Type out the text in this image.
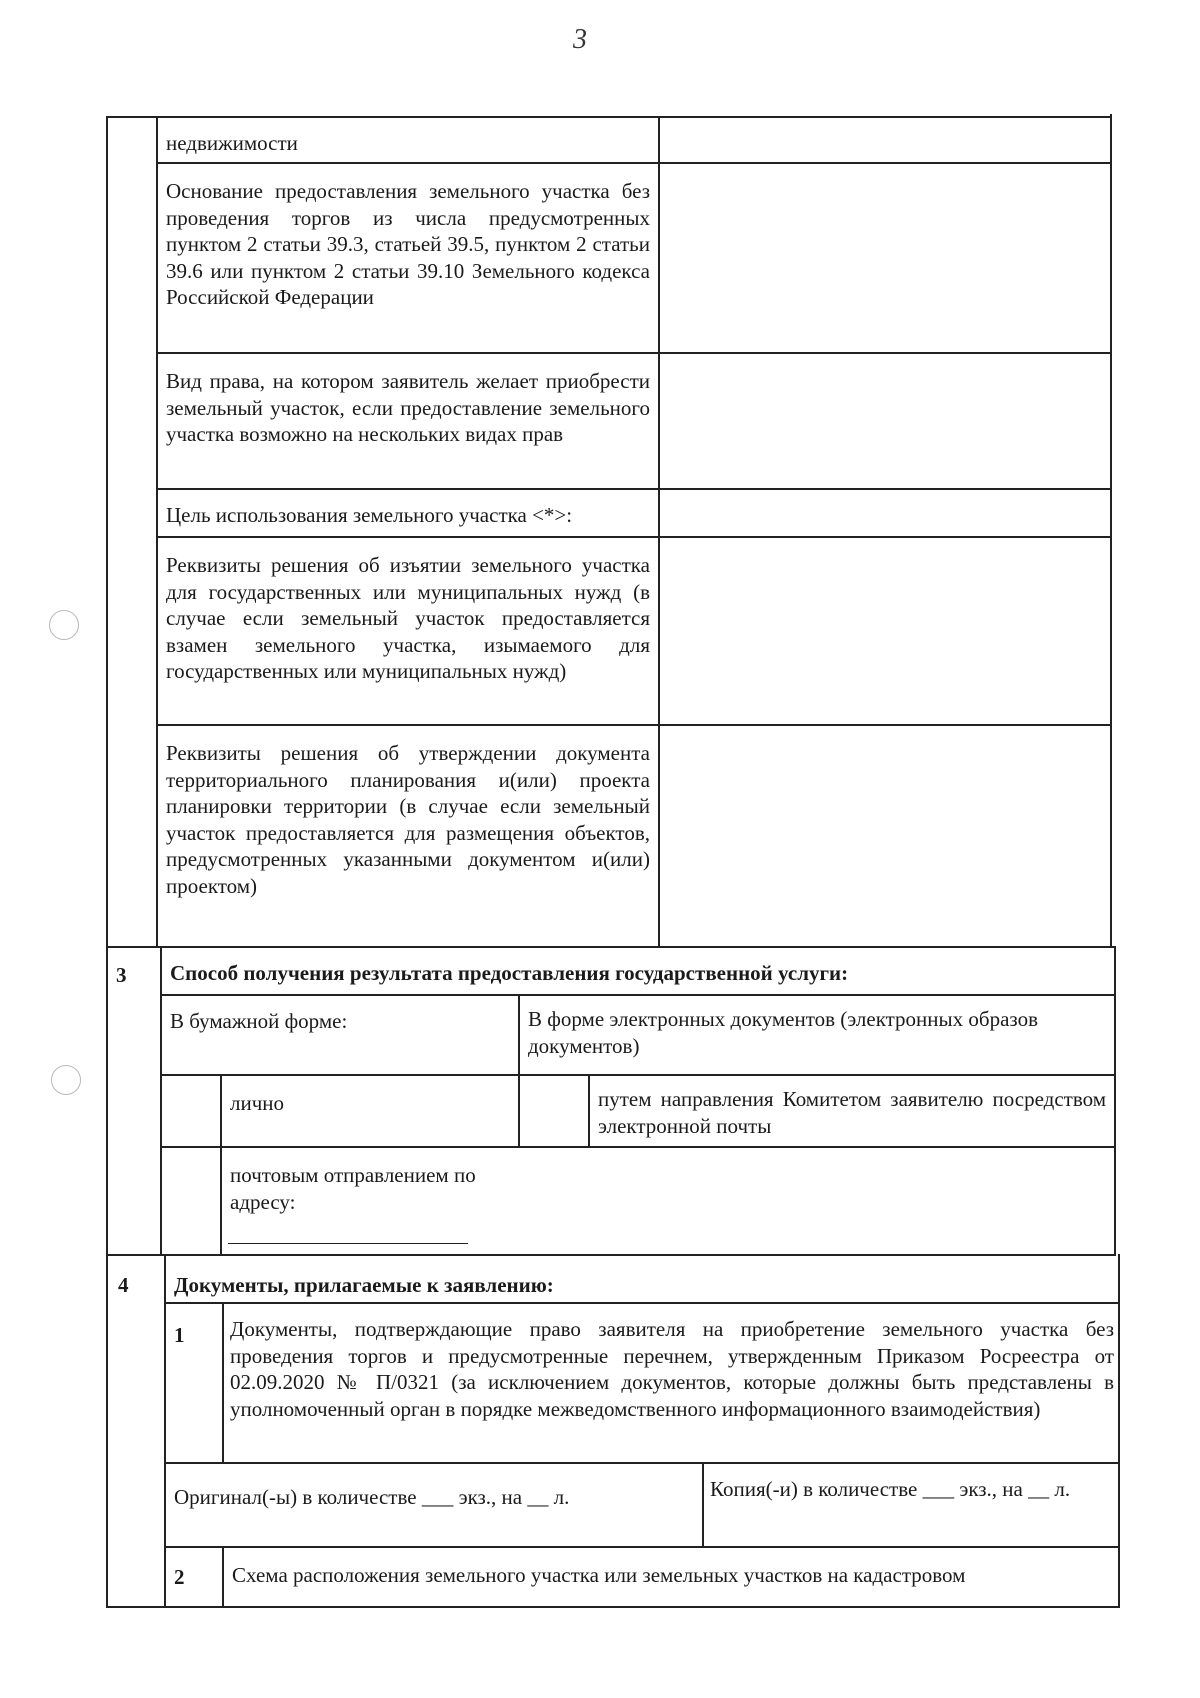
3
недвижимости
Основание предоставления земельного участка без проведения торгов из числа предусмотренных пунктом 2 статьи 39.3, статьей 39.5, пунктом 2 статьи 39.6 или пунктом 2 статьи 39.10 Земельного кодекса Российской Федерации
Вид права, на котором заявитель желает приобрести земельный участок, если предоставление земельного участка возможно на нескольких видах прав
Цель использования земельного участка <*>:
Реквизиты решения об изъятии земельного участка для государственных или муниципальных нужд (в случае если земельный участок предоставляется взамен земельного участка, изымаемого для государственных или муниципальных нужд)
Реквизиты решения об утверждении документа территориального планирования и(или) проекта планировки территории (в случае если земельный участок предоставляется для размещения объектов, предусмотренных указанными документом и(или) проектом)
3	Способ получения результата предоставления государственной услуги:
В бумажной форме:	В форме электронных документов (электронных образов документов)
лично	путем направления Комитетом заявителю посредством электронной почты
почтовым отправлением по адресу:
4	Документы, прилагаемые к заявлению:
1	Документы, подтверждающие право заявителя на приобретение земельного участка без проведения торгов и предусмотренные перечнем, утвержденным Приказом Росреестра от 02.09.2020 № П/0321 (за исключением документов, которые должны быть представлены в уполномоченный орган в порядке межведомственного информационного взаимодействия)
Оригинал(-ы) в количестве ___ экз., на __ л.	Копия(-и) в количестве ___ экз., на __ л.
2	Схема расположения земельного участка или земельных участков на кадастровом
